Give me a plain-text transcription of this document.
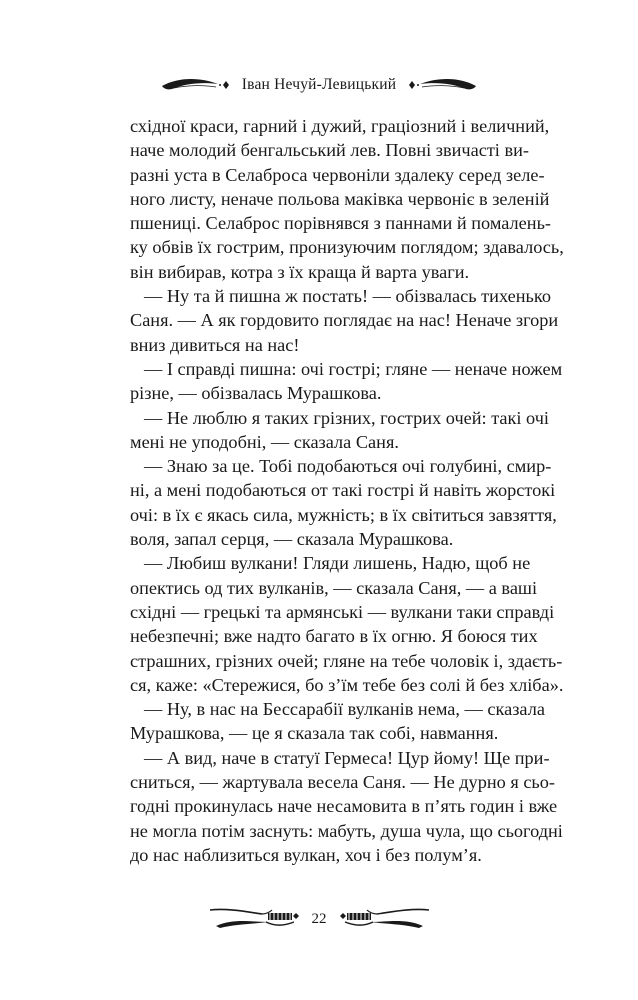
Іван Нечуй-Левицький
східної краси, гарний і дужий, граціозний і величний,
наче молодий бенгальський лев. Повні звичасті ви-
разні уста в Селаброса червоніли здалеку серед зеле-
ного листу, неначе польова маківка червоніє в зеленій
пшениці. Селаброс порівнявся з паннами й помалень-
ку обвів їх гострим, пронизуючим поглядом; здавалось,
він вибирав, котра з їх краща й варта уваги.
— Ну та й пишна ж постать! — обізвалась тихенько
Саня. — А як гордовито поглядає на нас! Неначе згори
вниз дивиться на нас!
— І справді пишна: очі гострі; гляне — неначе ножем
різне, — обізвалась Мурашкова.
— Не люблю я таких грізних, гострих очей: такі очі
мені не уподобні, — сказала Саня.
— Знаю за це. Тобі подобаються очі голубині, смир-
ні, а мені подобаються от такі гострі й навіть жорстокі
очі: в їх є якась сила, мужність; в їх світиться завзяття,
воля, запал серця, — сказала Мурашкова.
— Любиш вулкани! Гляди лишень, Надю, щоб не
опектись од тих вулканів, — сказала Саня, — а ваші
східні — грецькі та армянські — вулкани таки справді
небезпечні; вже надто багато в їх огню. Я боюся тих
страшних, грізних очей; гляне на тебе чоловік і, здаєть-
ся, каже: «Стережися, бо з’їм тебе без солі й без хліба».
— Ну, в нас на Бессарабії вулканів нема, — сказала
Мурашкова, — це я сказала так собі, навмання.
— А вид, наче в статуї Гермеса! Цур йому! Ще при-
сниться, — жартувала весела Саня. — Не дурно я сьо-
годні прокинулась наче несамовита в п’ять годин і вже
не могла потім заснуть: мабуть, душа чула, що сьогодні
до нас наблизиться вулкан, хоч і без полум’я.
22
